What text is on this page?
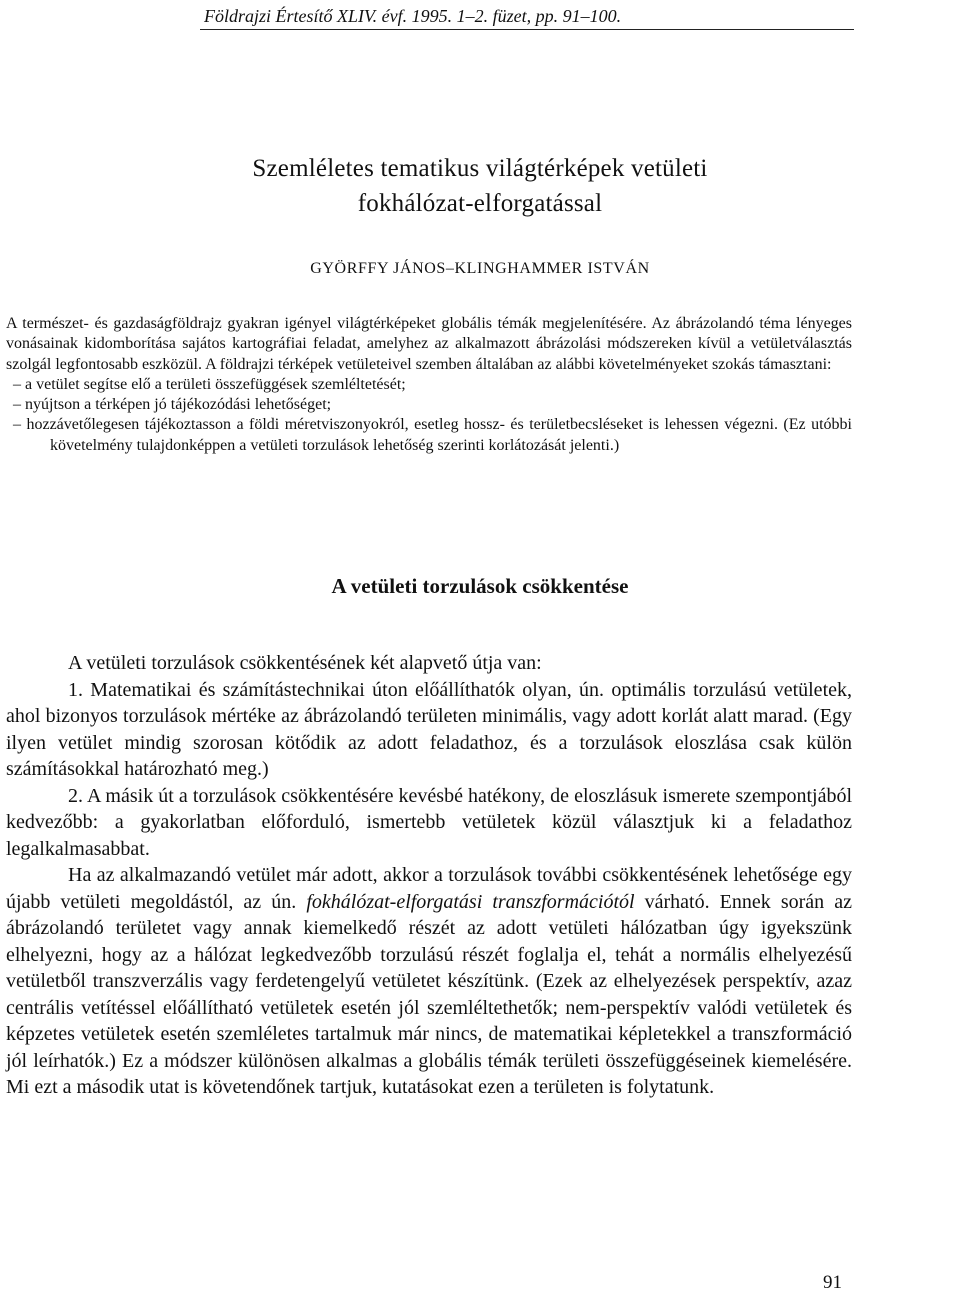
Földrajzi Értesítő XLIV. évf. 1995. 1–2. füzet, pp. 91–100.
Szemléletes tematikus világtérképek vetületi
fokhálózat-elforgatással
GYÖRFFY JÁNOS–KLINGHAMMER ISTVÁN

A természet- és gazdaságföldrajz gyakran igényel világtérképeket globális témák megjelenítésére. Az ábrázolandó téma lényeges vonásainak kidomborítása sajátos kartográfiai feladat, amelyhez az alkalmazott ábrázolási módszereken kívül a vetületválasztás szolgál legfontosabb eszközül. A földrajzi térképek vetületeivel szemben általában az alábbi követelményeket szokás támasztani:

– a vetület segítse elő a területi összefüggések szemléltetését;

– nyújtson a térképen jó tájékozódási lehetőséget;

– hozzávetőlegesen tájékoztasson a földi méretviszonyokról, esetleg hossz- és területbecsléseket is lehessen végezni. (Ez utóbbi követelmény tulajdonképpen a vetületi torzulások lehetőség szerinti korlátozását jelenti.)

A vetületi torzulások csökkentése

A vetületi torzulások csökkentésének két alapvető útja van:

1. Matematikai és számítástechnikai úton előállíthatók olyan, ún. optimális torzulású vetületek, ahol bizonyos torzulások mértéke az ábrázolandó területen minimális, vagy adott korlát alatt marad. (Egy ilyen vetület mindig szorosan kötődik az adott feladathoz, és a torzulások eloszlása csak külön számításokkal határozható meg.)

2. A másik út a torzulások csökkentésére kevésbé hatékony, de eloszlásuk ismerete szempontjából kedvezőbb: a gyakorlatban előforduló, ismertebb vetületek közül választjuk ki a feladathoz legalkalmasabbat.

Ha az alkalmazandó vetület már adott, akkor a torzulások további csökkentésének lehetősége egy újabb vetületi megoldástól, az ún. fokhálózat-elforgatási transzformációtól várható. Ennek során az ábrázolandó területet vagy annak kiemelkedő részét az adott vetületi hálózatban úgy igyekszünk elhelyezni, hogy az a hálózat legkedvezőbb torzulású részét foglalja el, tehát a normális elhelyezésű vetületből transzverzális vagy ferdetengelyű vetületet készítünk. (Ezek az elhelyezések perspektív, azaz centrális vetítéssel előállítható vetületek esetén jól szemléltethetők; nem-perspektív valódi vetületek és képzetes vetületek esetén szemléletes tartalmuk már nincs, de matematikai képletekkel a transzformáció jól leírhatók.) Ez a módszer különösen alkalmas a globális témák területi összefüggéseinek kiemelésére. Mi ezt a második utat is követendőnek tartjuk, kutatásokat ezen a területen is folytatunk.

91
